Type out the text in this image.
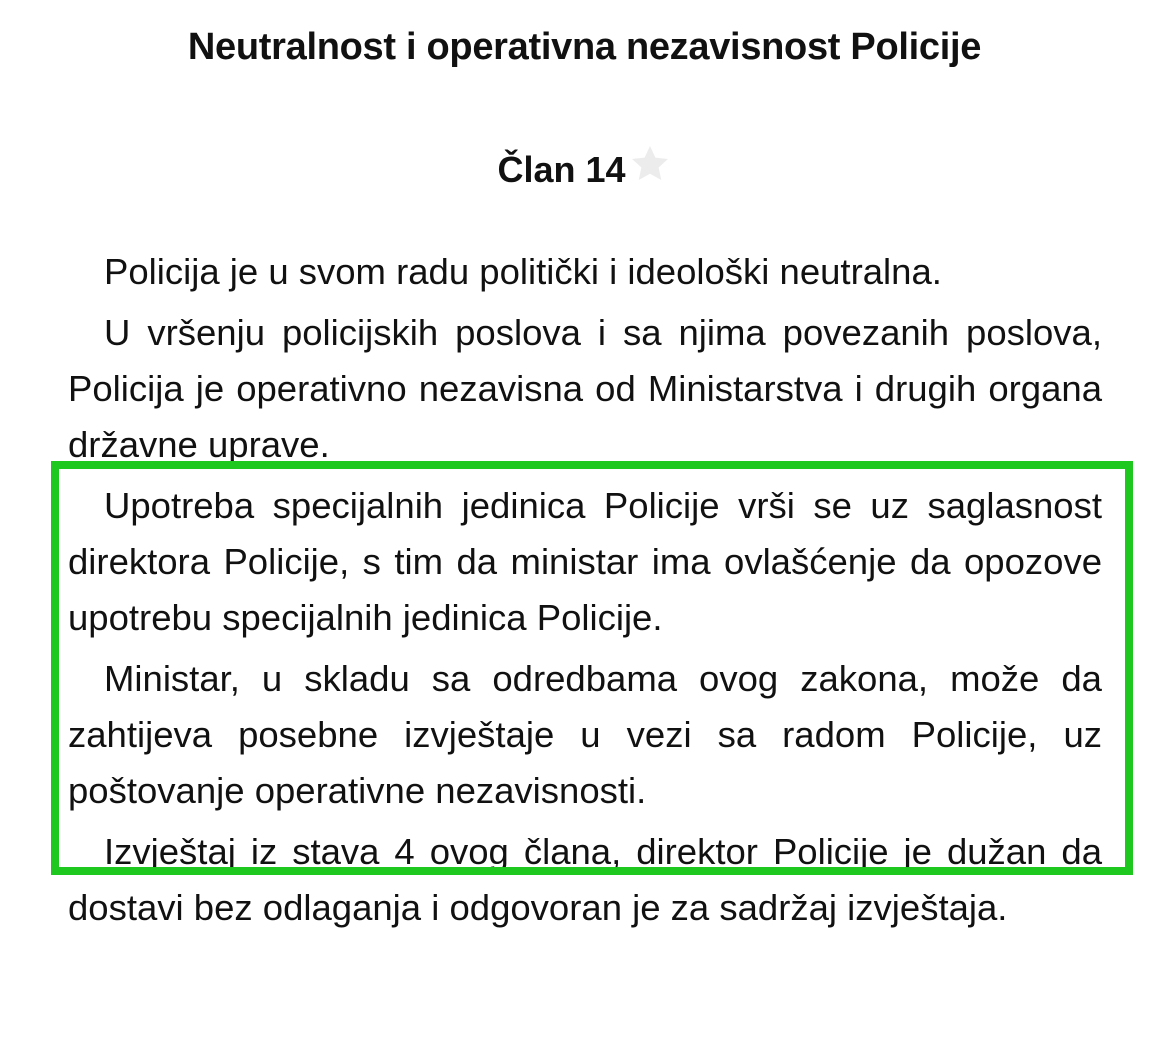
Neutralnost i operativna nezavisnost Policije
Član 14

Policija je u svom radu politički i ideološki neutralna.

U vršenju policijskih poslova i sa njima povezanih poslova, Policija je operativno nezavisna od Ministarstva i drugih organa državne uprave.

Upotreba specijalnih jedinica Policije vrši se uz saglasnost direktora Policije, s tim da ministar ima ovlašćenje da opozove upotrebu specijalnih jedinica Policije.

Ministar, u skladu sa odredbama ovog zakona, može da zahtijeva posebne izvještaje u vezi sa radom Policije, uz poštovanje operativne nezavisnosti.

Izvještaj iz stava 4 ovog člana, direktor Policije je dužan da dostavi bez odlaganja i odgovoran je za sadržaj izvještaja.
